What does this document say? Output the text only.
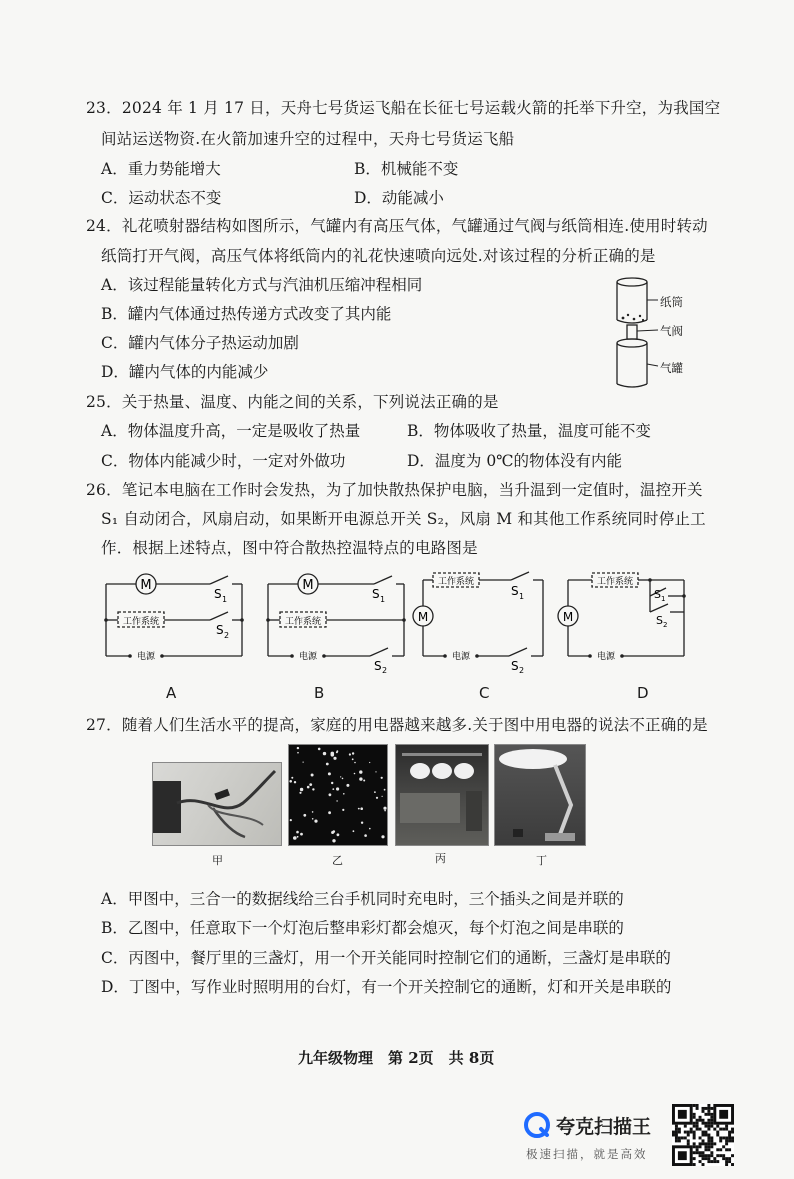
23．2024 年 1 月 17 日，天舟七号货运飞船在长征七号运载火箭的托举下升空，为我国空
间站运送物资.在火箭加速升空的过程中，天舟七号货运飞船
A．重力势能增大	B．机械能不变
C．运动状态不变	D．动能减小
24．礼花喷射器结构如图所示，气罐内有高压气体，气罐通过气阀与纸筒相连.使用时转动
纸筒打开气阀，高压气体将纸筒内的礼花快速喷向远处.对该过程的分析正确的是
A．该过程能量转化方式与汽油机压缩冲程相同
B．罐内气体通过热传递方式改变了其内能
C．罐内气体分子热运动加剧
D．罐内气体的内能减少
纸筒
气阀
气罐
25．关于热量、温度、内能之间的关系，下列说法正确的是
A．物体温度升高，一定是吸收了热量	B．物体吸收了热量，温度可能不变
C．物体内能减少时，一定对外做功	D．温度为 0℃的物体没有内能
26．笔记本电脑在工作时会发热，为了加快散热保护电脑，当升温到一定值时，温控开关
S₁ 自动闭合，风扇启动，如果断开电源总开关 S₂，风扇 M 和其他工作系统同时停止工
作．根据上述特点，图中符合散热控温特点的电路图是
M
工作系统
电源
S 1
S 2
M
工作系统
电源
S 1
S 2
M
工作系统
电源
S 1
S 2
M
工作系统
电源
S 1
S 2
A	B	C	D
27．随着人们生活水平的提高，家庭的用电器越来越多.关于图中用电器的说法不正确的是
甲	乙	丙	丁
A．甲图中，三合一的数据线给三台手机同时充电时，三个插头之间是并联的
B．乙图中，任意取下一个灯泡后整串彩灯都会熄灭，每个灯泡之间是串联的
C．丙图中，餐厅里的三盏灯，用一个开关能同时控制它们的通断，三盏灯是串联的
D．丁图中，写作业时照明用的台灯，有一个开关控制它的通断，灯和开关是串联的
九年级物理　第 2页　共 8页
夸克扫描王
极速扫描，就是高效
